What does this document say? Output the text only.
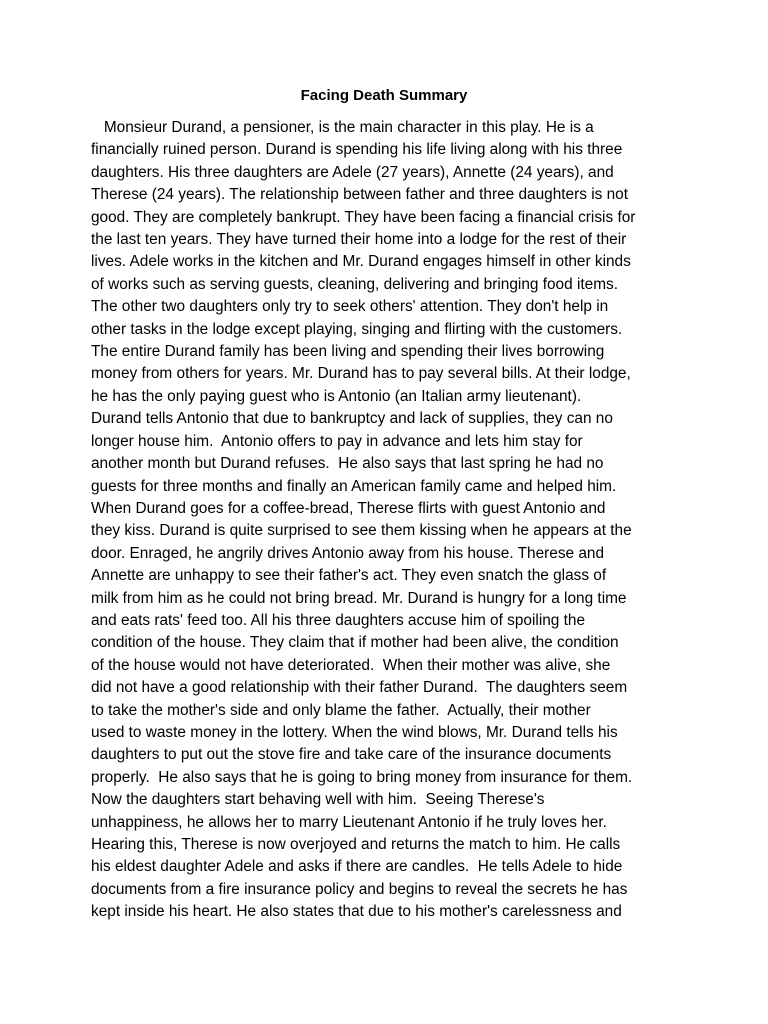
Facing Death Summary
Monsieur Durand, a pensioner, is the main character in this play. He is a
financially ruined person. Durand is spending his life living along with his three
daughters. His three daughters are Adele (27 years), Annette (24 years), and
Therese (24 years). The relationship between father and three daughters is not
good. They are completely bankrupt. They have been facing a financial crisis for
the last ten years. They have turned their home into a lodge for the rest of their
lives. Adele works in the kitchen and Mr. Durand engages himself in other kinds
of works such as serving guests, cleaning, delivering and bringing food items.
The other two daughters only try to seek others' attention. They don't help in
other tasks in the lodge except playing, singing and flirting with the customers.
The entire Durand family has been living and spending their lives borrowing
money from others for years. Mr. Durand has to pay several bills. At their lodge,
he has the only paying guest who is Antonio (an Italian army lieutenant).
Durand tells Antonio that due to bankruptcy and lack of supplies, they can no
longer house him.  Antonio offers to pay in advance and lets him stay for
another month but Durand refuses.  He also says that last spring he had no
guests for three months and finally an American family came and helped him.
When Durand goes for a coffee-bread, Therese flirts with guest Antonio and
they kiss. Durand is quite surprised to see them kissing when he appears at the
door. Enraged, he angrily drives Antonio away from his house. Therese and
Annette are unhappy to see their father's act. They even snatch the glass of
milk from him as he could not bring bread. Mr. Durand is hungry for a long time
and eats rats' feed too. All his three daughters accuse him of spoiling the
condition of the house. They claim that if mother had been alive, the condition
of the house would not have deteriorated.  When their mother was alive, she
did not have a good relationship with their father Durand.  The daughters seem
to take the mother's side and only blame the father.  Actually, their mother
used to waste money in the lottery. When the wind blows, Mr. Durand tells his
daughters to put out the stove fire and take care of the insurance documents
properly.  He also says that he is going to bring money from insurance for them.
Now the daughters start behaving well with him.  Seeing Therese's
unhappiness, he allows her to marry Lieutenant Antonio if he truly loves her.
Hearing this, Therese is now overjoyed and returns the match to him. He calls
his eldest daughter Adele and asks if there are candles.  He tells Adele to hide
documents from a fire insurance policy and begins to reveal the secrets he has
kept inside his heart. He also states that due to his mother's carelessness and
